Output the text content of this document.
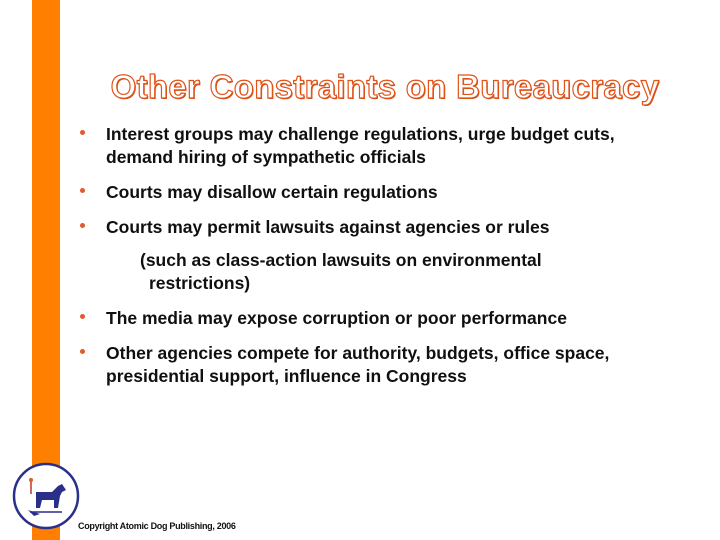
Other Constraints on Bureaucracy
Interest groups may challenge regulations, urge budget cuts, demand hiring of sympathetic officials
Courts may disallow certain regulations
Courts may permit lawsuits against agencies or rules
(such as class-action lawsuits on environmental
restrictions)
The media may expose corruption or poor performance
Other agencies compete for authority, budgets, office space, presidential support, influence in Congress
Copyright Atomic Dog Publishing, 2006
